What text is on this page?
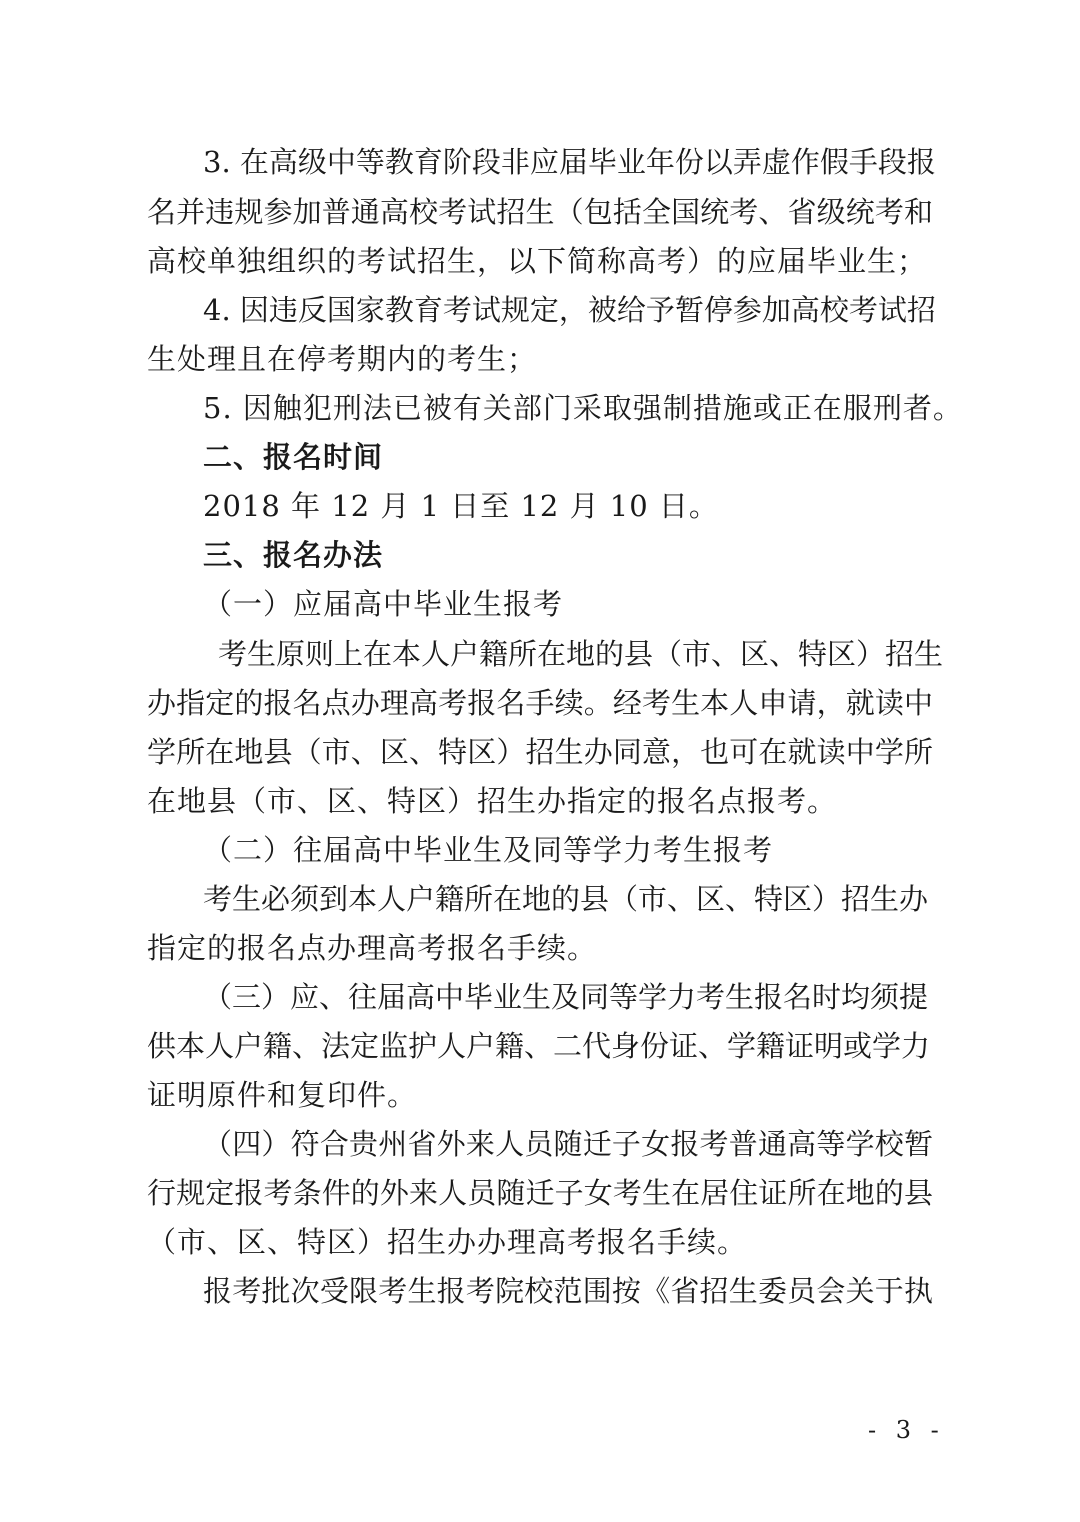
3. 在高级中等教育阶段非应届毕业年份以弄虚作假手段报
名并违规参加普通高校考试招生（包括全国统考、省级统考和
高校单独组织的考试招生，以下简称高考）的应届毕业生；
4. 因违反国家教育考试规定，被给予暂停参加高校考试招
生处理且在停考期内的考生；
5. 因触犯刑法已被有关部门采取强制措施或正在服刑者。
二、报名时间
2018 年 12 月 1 日至 12 月 10 日。
三、报名办法
（一）应届高中毕业生报考
考生原则上在本人户籍所在地的县（市、区、特区）招生
办指定的报名点办理高考报名手续。经考生本人申请，就读中
学所在地县（市、区、特区）招生办同意，也可在就读中学所
在地县（市、区、特区）招生办指定的报名点报考。
（二）往届高中毕业生及同等学力考生报考
考生必须到本人户籍所在地的县（市、区、特区）招生办
指定的报名点办理高考报名手续。
（三）应、往届高中毕业生及同等学力考生报名时均须提
供本人户籍、法定监护人户籍、二代身份证、学籍证明或学力
证明原件和复印件。
（四）符合贵州省外来人员随迁子女报考普通高等学校暂
行规定报考条件的外来人员随迁子女考生在居住证所在地的县
（市、区、特区）招生办办理高考报名手续。
报考批次受限考生报考院校范围按《省招生委员会关于执
- 3 -
